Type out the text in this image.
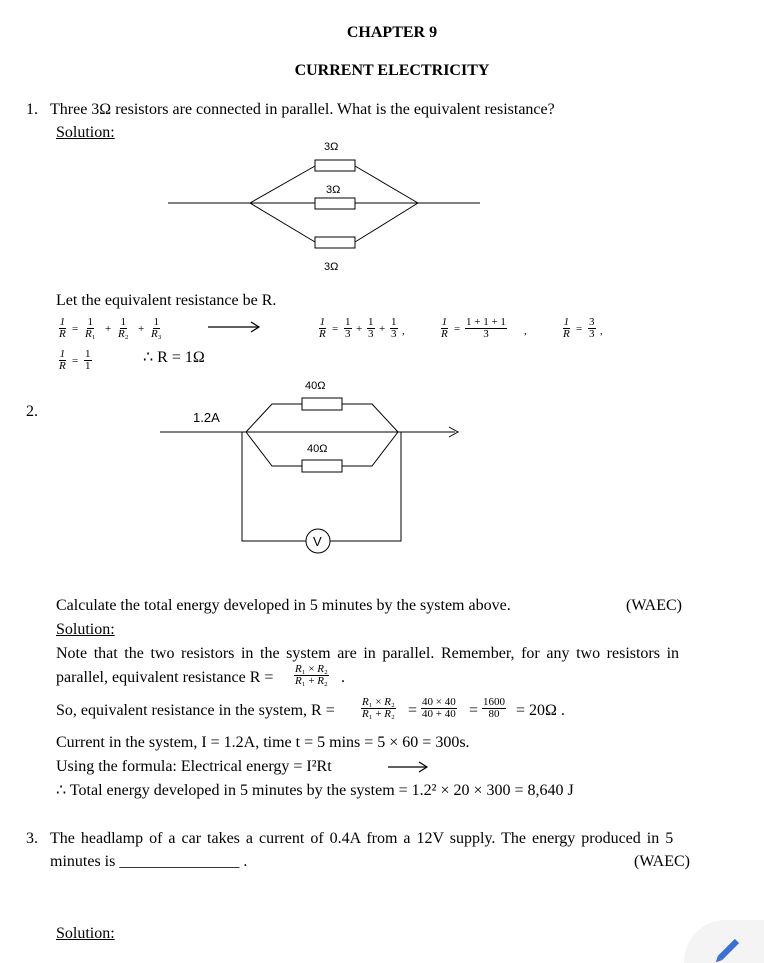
CHAPTER 9
CURRENT ELECTRICITY
1. Three 3Ω resistors are connected in parallel. What is the equivalent resistance?
Solution:
3Ω
3Ω
3Ω
Let the equivalent resistance be R.
$\frac{1}{R} = \frac{1}{\text{R₁}} + \frac{1}{\text{R₂}} + \frac{1}{\text{R₃}}$	$\frac{1}{R} = \frac{1}{3} + \frac{1}{3} + \frac{1}{3}$ ,	$\frac{1}{R} = \frac{1 + 1 + 1}{3}$ ,	$\frac{1}{R} = \frac{3}{3}$ ,
$\frac{1}{R} = \frac{1}{1}$	∴ R = 1Ω
2.	1.2A
40Ω
40Ω
V
Calculate the total energy developed in 5 minutes by the system above.	(WAEC)
Solution:
Note that the two resistors in the system are in parallel. Remember, for any two resistors in
parallel, equivalent resistance $R = \frac{\text{R₁ × R₂}}{\text{R₁ + R₂}}$ .
So, equivalent resistance in the system, $R = \frac{\text{R₁ × R₂}}{\text{R₁ + R₂}} = \frac{40 \times 40}{40 + 40} = \frac{1600}{80} = 20\Omega$ .
Current in the system, I = 1.2A, time t = 5 mins = 5 × 60 = 300s.
Using the formula: Electrical energy = I²Rt
∴ Total energy developed in 5 minutes by the system = 1.2² × 20 × 300 = 8,640 J
3. The headlamp of a car takes a current of 0.4A from a 12V supply. The energy produced in 5
minutes is _______________ .	(WAEC)
Solution:
